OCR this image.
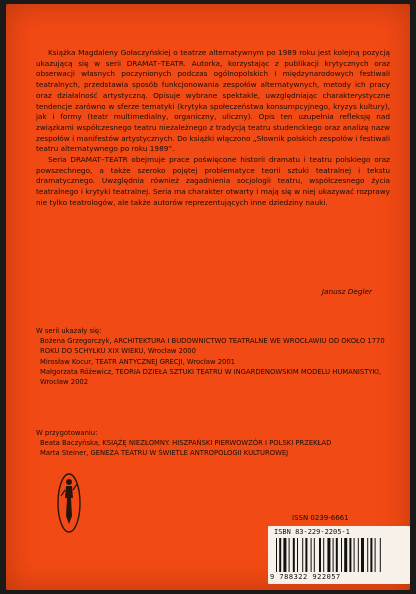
Książka Magdaleny Gołaczyńskiej o teatrze alternatywnym po 1989 roku jest kolejną pozycją ukazującą się w serii DRAMAT–TEATR. Autorka, korzystając z publikacji krytycznych oraz obserwacji własnych poczynionych podczas ogólnopolskich i międzynarodowych festiwali teatralnych, przedstawia sposób funkcjonowania zespołów alternatywnych, metody ich pracy oraz działalność artystyczną. Opisuje wybrane spektakle, uwzględniając charakterystyczne tendencje zarówno w sferze tematyki (krytyka społeczeństwa konsumpcyjnego, kryzys kultury), jak i formy (teatr multimedialny, organiczny, uliczny). Opis ten uzupełnia refleksję nad związkami współczesnego teatru niezależnego z tradycją teatru studenckiego oraz analizę nazw zespołów i manifestów artystycznych. Do książki włączono „Słownik polskich zespołów i festiwali teatru alternatywnego po roku 1989”.

Seria DRAMAT–TEATR obejmuje prace poświęcone historii dramatu i teatru polskiego oraz powszechnego, a także szeroko pojętej problematyce teorii sztuki teatralnej i tekstu dramatycznego. Uwzględnia również zagadnienia socjologii teatru, współczesnego życia teatralnego i krytyki teatralnej. Seria ma charakter otwarty i mają się w niej ukazywać rozprawy nie tylko teatrologów, ale także autorów reprezentujących inne dziedziny nauki.

Janusz Degler

W serii ukazały się:

Bożena Grzegorczyk, ARCHITEKTURA I BUDOWNICTWO TEATRALNE WE WROCŁAWIU OD OKOŁO 1770 ROKU DO SCHYŁKU XIX WIEKU, Wrocław 2000

Mirosław Kocur, TEATR ANTYCZNEJ GRECJI, Wrocław 2001

Małgorzata Różewicz, TEORIA DZIEŁA SZTUKI TEATRU W INGARDENOWSKIM MODELU HUMANISTYKI, Wrocław 2002

W przygotowaniu:

Beata Baczyńska, KSIĄŻĘ NIEZŁOMNY. HISZPAŃSKI PIERWOWZÓR I POLSKI PRZEKŁAD

Marta Steiner, GENEZA TEATRU W ŚWIETLE ANTROPOLOGII KULTUROWEJ

ISSN 0239-6661
ISBN 83-229-2205-1
9 788322 922057
